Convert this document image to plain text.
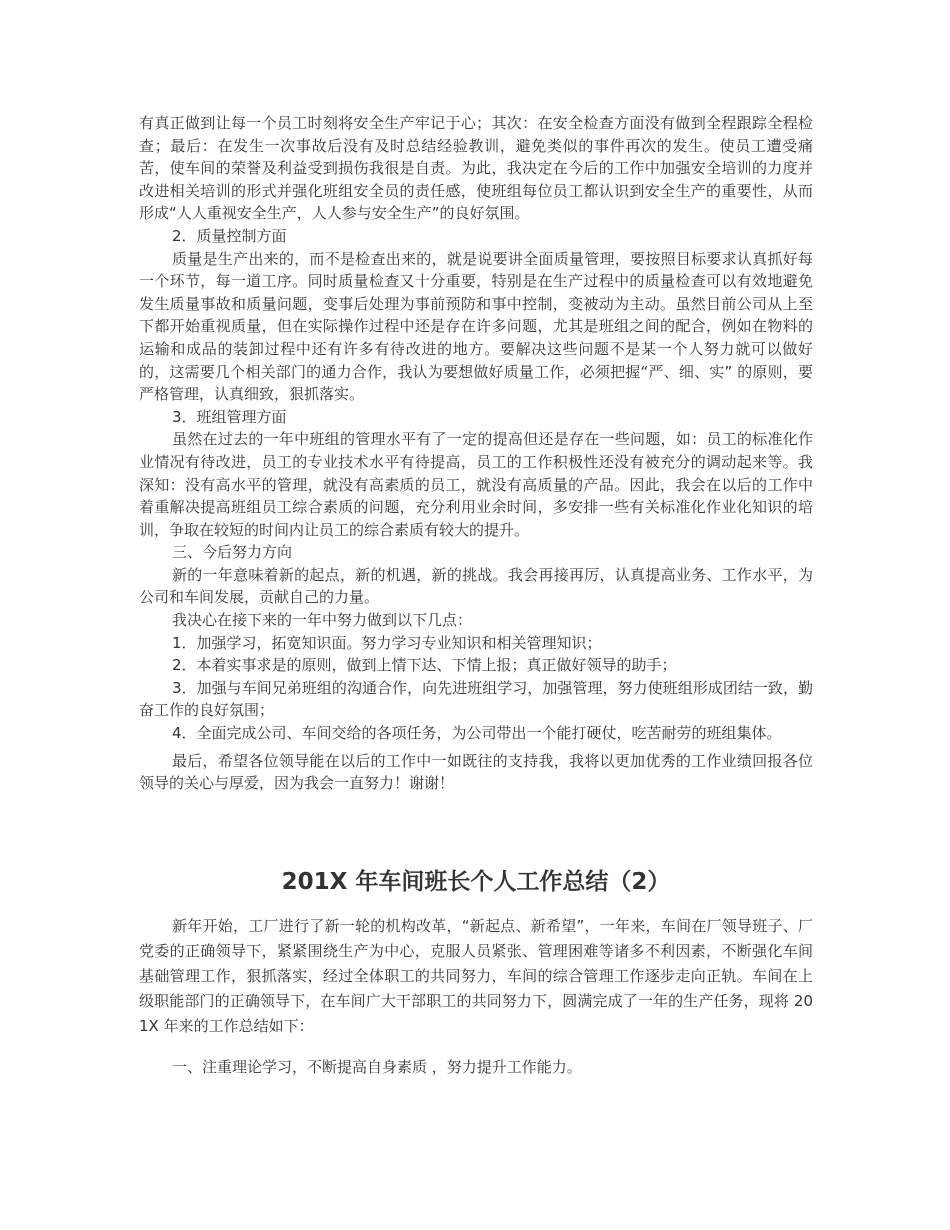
有真正做到让每一个员工时刻将安全生产牢记于心；其次：在安全检查方面没有做到全程跟踪全程检查；最后：在发生一次事故后没有及时总结经验教训，避免类似的事件再次的发生。使员工遭受痛苦，使车间的荣誉及利益受到损伤我很是自责。为此，我决定在今后的工作中加强安全培训的力度并改进相关培训的形式并强化班组安全员的责任感，使班组每位员工都认识到安全生产的重要性，从而形成“人人重视安全生产，人人参与安全生产”的良好氛围。

2．质量控制方面

质量是生产出来的，而不是检查出来的，就是说要讲全面质量管理，要按照目标要求认真抓好每一个环节，每一道工序。同时质量检查又十分重要，特别是在生产过程中的质量检查可以有效地避免发生质量事故和质量问题，变事后处理为事前预防和事中控制，变被动为主动。虽然目前公司从上至下都开始重视质量，但在实际操作过程中还是存在许多问题，尤其是班组之间的配合，例如在物料的运输和成品的装卸过程中还有许多有待改进的地方。要解决这些问题不是某一个人努力就可以做好的，这需要几个相关部门的通力合作，我认为要想做好质量工作，必须把握“严、细、实” 的原则，要严格管理，认真细致，狠抓落实。

3．班组管理方面

虽然在过去的一年中班组的管理水平有了一定的提高但还是存在一些问题，如：员工的标准化作业情况有待改进，员工的专业技术水平有待提高，员工的工作积极性还没有被充分的调动起来等。我深知：没有高水平的管理，就没有高素质的员工，就没有高质量的产品。因此，我会在以后的工作中着重解决提高班组员工综合素质的问题，充分利用业余时间，多安排一些有关标准化作业化知识的培训，争取在较短的时间内让员工的综合素质有较大的提升。

三、今后努力方向

新的一年意味着新的起点，新的机遇，新的挑战。我会再接再厉，认真提高业务、工作水平，为公司和车间发展，贡献自己的力量。

我决心在接下来的一年中努力做到以下几点：

1．加强学习，拓宽知识面。努力学习专业知识和相关管理知识；

2．本着实事求是的原则，做到上情下达、下情上报；真正做好领导的助手；

3．加强与车间兄弟班组的沟通合作，向先进班组学习，加强管理，努力使班组形成团结一致，勤奋工作的良好氛围；

4．全面完成公司、车间交给的各项任务，为公司带出一个能打硬仗，吃苦耐劳的班组集体。

最后，希望各位领导能在以后的工作中一如既往的支持我，我将以更加优秀的工作业绩回报各位领导的关心与厚爱，因为我会一直努力！谢谢！

201X 年车间班长个人工作总结（2）

新年开始，工厂进行了新一轮的机构改革，“新起点、新希望”，一年来，车间在厂领导班子、厂党委的正确领导下，紧紧围绕生产为中心，克服人员紧张、管理困难等诸多不利因素，不断强化车间基础管理工作，狠抓落实，经过全体职工的共同努力，车间的综合管理工作逐步走向正轨。车间在上级职能部门的正确领导下，在车间广大干部职工的共同努力下，圆满完成了一年的生产任务，现将 201X 年来的工作总结如下：

一、注重理论学习，不断提高自身素质 ，努力提升工作能力。
